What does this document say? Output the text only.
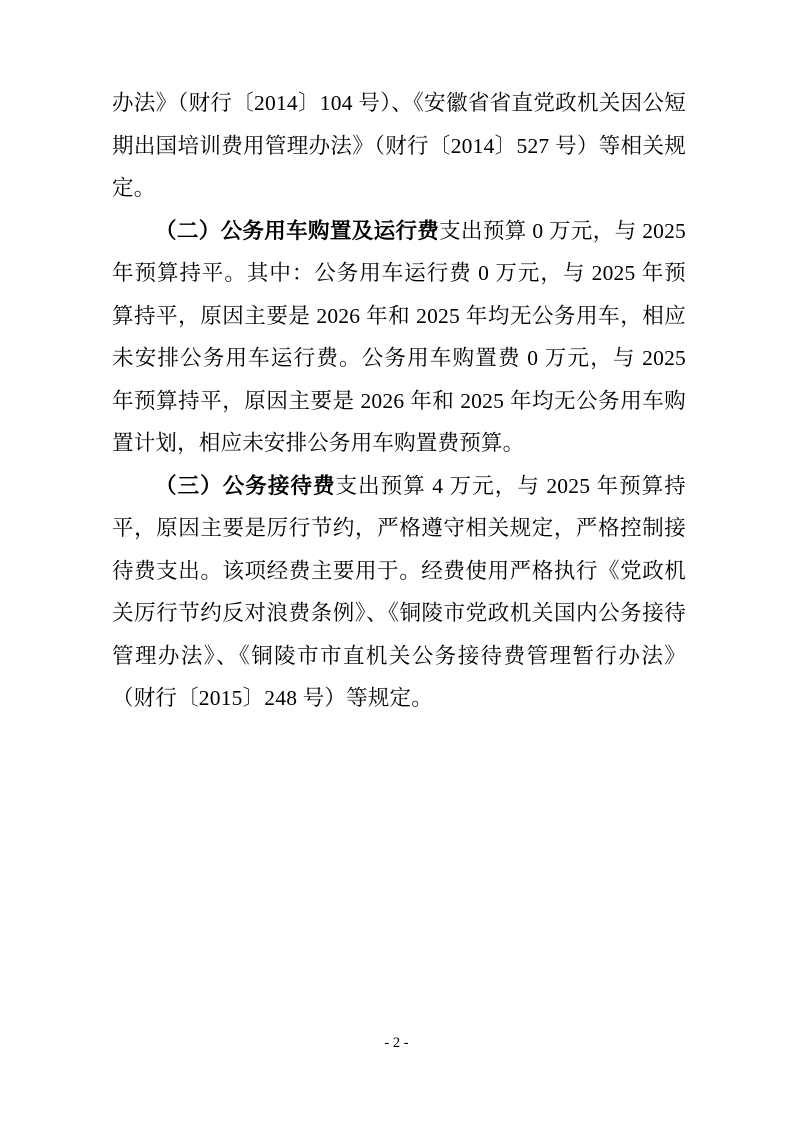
办法》（财行〔2014〕104 号）、《安徽省省直党政机关因公短期出国培训费用管理办法》（财行〔2014〕527 号）等相关规定。

（二）公务用车购置及运行费支出预算 0 万元，与 2025 年预算持平。其中：公务用车运行费 0 万元，与 2025 年预算持平，原因主要是 2026 年和 2025 年均无公务用车，相应未安排公务用车运行费。公务用车购置费 0 万元，与 2025 年预算持平，原因主要是 2026 年和 2025 年均无公务用车购置计划，相应未安排公务用车购置费预算。

（三）公务接待费支出预算 4 万元，与 2025 年预算持平，原因主要是厉行节约，严格遵守相关规定，严格控制接待费支出。该项经费主要用于。经费使用严格执行《党政机关厉行节约反对浪费条例》、《铜陵市党政机关国内公务接待管理办法》、《铜陵市市直机关公务接待费管理暂行办法》（财行〔2015〕248 号）等规定。

- 2 -
